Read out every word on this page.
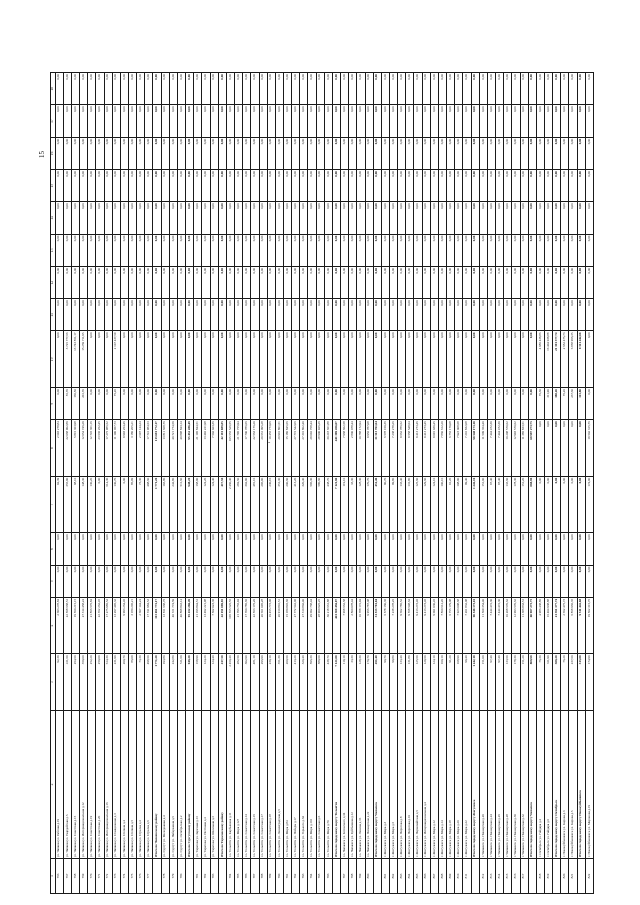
15
-
1	2	3	4	5	6	7	8	9	10	11	12	13	14	15	16	17	18
766	ул. Чапаева ул. Рабочая д.19	92,39	2 693 278,84	0,00	0,00	92,39	2 693 278,84	0,00	0,00	0,00	0,00	0,00	0,00	0,00	0,00	0,00	0,00
767	ул. Чапаева ул. Гвардейская д.5	411,60	22 568 668,51	0,00	0,00	355,90	22 068 902,89	55,70	3 725 777,66	0,00	0,00	0,00	0,00	0,00	0,00	0,00	0,00
768	ул. Чапаева ул. Советская д.15	264,60	19 560 215,15	0,00	0,00	98,10	5 816 363,98	166,50	13 743 851,17	0,00	0,00	0,00	0,00	0,00	0,00	0,00	0,00
769	ул. Чапаева ул. Интернациональная д.12	350,00	27 314 458,24	0,00	0,00	148,30	12 054 746,29	201,70	15 259 711,95	0,00	0,00	0,00	0,00	0,00	0,00	0,00	0,00
770	ул. Чапаева ул. Советская д.19	252,20	21 866 576,84	0,00	0,00	130,20	12 745 361,16	0,00	0,00	0,00	0,00	0,00	0,00	0,00	0,00	0,00	0,00
771	ул. Чапаева ул. Советская д.20	250,00	22 352 262,45	0,00	0,00	0,00	23 636 262,45	0,00	0,00	0,00	0,00	0,00	0,00	0,00	0,00	0,00	0,00
772	ул. Чапаева ул. Интернациональная д.16	614,30	17 275 986,52	0,00	0,00	614,30	17 275 986,52	0,00	0,00	0,00	0,00	0,00	0,00	0,00	0,00	0,00	0,00
773	ул. Чапаева ул. Станционная д.3	231,90	13 297 495,32	0,00	0,00	130,70	11 190 057,73	75,20	2 107 437,59	0,00	0,00	0,00	0,00	0,00	0,00	0,00	0,00
774	ул. Чапаева ул. Степная д.4	200,70	9 993 264,46	0,00	0,00	0,00	9 993 264,46	0,00	0,00	0,00	0,00	0,00	0,00	0,00	0,00	0,00	0,00
775	ул. Чапаева ул. Степная д.5	86,09	3 180 205,21	0,00	0,00	86,09	3 180 205,21	0,00	0,00	0,00	0,00	0,00	0,00	0,00	0,00	0,00	0,00
776	ул. Чапаева ул. Стрелка д.4	73,30	2 697 144,24	0,00	0,00	73,30	2 697 144,24	0,00	0,00	0,00	0,00	0,00	0,00	0,00	0,00	0,00	0,00
777	ул. Чапаева ул. Стрелка д.6	498,60	17 741 984,53	0,00	0,00	498,60	17 741 984,53	0,00	0,00	0,00	0,00	0,00	0,00	0,00	0,00	0,00	0,00
	Итого по Чапаевскому району	1 771,20	113 691 772,17	0,00	0,00	1 771,20	113 691 772,17	0,00	0,00	0,00	0,00	0,00	0,00	0,00	0,00	0,00	0,00
778	ул. Сургут ул. Молодежная д.4	193,80	13 811 668,76	0,00	0,00	193,80	13 811 668,76	0,00	0,00	0,00	0,00	0,00	0,00	0,00	0,00	0,00	0,00
779	ул. Сургут ул. Набережная д.5	242,80	40 721 774,59	0,00	0,00	242,80	40 721 774,59	0,00	0,00	0,00	0,00	0,00	0,00	0,00	0,00	0,00	0,00
780	ул. Сургут ул. Октябрьская д.2	511,60	40 898 843,14	0,00	0,00	511,60	40 898 843,14	0,00	0,00	0,00	0,00	0,00	0,00	0,00	0,00	0,00	0,00
	Итого по Сургутскому району	948,20	95 432 286,49	0,00	0,00	948,20	95 432 286,49	0,00	0,00	0,00	0,00	0,00	0,00	0,00	0,00	0,00	0,00
781	ул. Тарасова ул. Заречная д.13	168,90	21 196 844,51	0,00	0,00	168,90	21 196 844,51	0,00	0,00	0,00	0,00	0,00	0,00	0,00	0,00	0,00	0,00
782	ул. Тарасова ул. Почтовая д.4	124,20	13 492 221,98	0,00	0,00	124,20	13 492 221,98	0,00	0,00	0,00	0,00	0,00	0,00	0,00	0,00	0,00	0,00
783	ул. Тарасова ул. Школьная д.3	124,40	7 502 023,36	0,00	0,00	124,40	7 502 023,36	0,00	0,00	0,00	0,00	0,00	0,00	0,00	0,00	0,00	0,00
	Итого по Тарасовскому району	417,50	42 191 089,85	0,00	0,00	417,50	42 191 089,85	0,00	0,00	0,00	0,00	0,00	0,00	0,00	0,00	0,00	0,00
784	г.о. Тольятти ул. Карбышева д.11	2 460,40	105 555 526,55	0,00	0,00	2 460,40	105 555 526,55	0,00	0,00	0,00	0,00	0,00	0,00	0,00	0,00	0,00	0,00
785	г.о. Тольятти ул. Мира д.127	282,50	21 796 755,94	0,00	0,00	282,50	21 796 755,94	0,00	0,00	0,00	0,00	0,00	0,00	0,00	0,00	0,00	0,00
786	г.о. Тольятти ул. Советская д.14	302,90	17 700 786,66	0,00	0,00	302,90	17 700 786,66	0,00	0,00	0,00	0,00	0,00	0,00	0,00	0,00	0,00	0,00
787	г.о. Тольятти ул. Советская д.16	481,10	22 563 176,20	0,00	0,00	481,10	22 563 176,20	0,00	0,00	0,00	0,00	0,00	0,00	0,00	0,00	0,00	0,00
788	г.о. Тольятти ул. Советская д.17	296,90	20 661 095,28	0,00	0,00	296,90	20 661 095,28	0,00	0,00	0,00	0,00	0,00	0,00	0,00	0,00	0,00	0,00
789	г.о. Тольятти ул. Советская д.18	230,10	19 455 773,06	0,00	0,00	230,10	19 455 773,06	0,00	0,00	0,00	0,00	0,00	0,00	0,00	0,00	0,00	0,00
790	г.о. Тольятти ул. Ленинградская д.5	351,30	20 910 801,51	0,00	0,00	351,30	20 910 801,51	0,00	0,00	0,00	0,00	0,00	0,00	0,00	0,00	0,00	0,00
791	г.о. Тольятти ул. Мира д.84	200,60	15 180 845,66	0,00	0,00	200,60	15 180 845,66	0,00	0,00	0,00	0,00	0,00	0,00	0,00	0,00	0,00	0,00
792	г.о. Тольятти ул. Победы д.17	413,20	27 772 542,06	0,00	0,00	413,20	27 772 542,06	0,00	0,00	0,00	0,00	0,00	0,00	0,00	0,00	0,00	0,00
793	г.о. Тольятти ул. Горького д.64	320,40	27 310 802,40	0,00	0,00	320,40	27 310 802,40	0,00	0,00	0,00	0,00	0,00	0,00	0,00	0,00	0,00	0,00
794	г.о. Тольятти ул. Мира д.101	596,30	29 092 768,44	0,00	0,00	596,30	29 092 768,44	0,00	0,00	0,00	0,00	0,00	0,00	0,00	0,00	0,00	0,00
795	г.о. Тольятти ул. Советская д.6	580,60	28 900 926,26	0,00	0,00	580,60	28 900 926,26	0,00	0,00	0,00	0,00	0,00	0,00	0,00	0,00	0,00	0,00
796	г.о. Тольятти ул. Мира д.70	438,70	30 218 661,88	0,00	0,00	438,70	30 218 661,88	0,00	0,00	0,00	0,00	0,00	0,00	0,00	0,00	0,00	0,00
	Итого по городскому округу Тольятти	7 121,80	441 309 456,07	0,00	0,00	7 121,80	441 309 456,07	0,00	0,00	0,00	0,00	0,00	0,00	0,00	0,00	0,00	0,00
797	г.о. Чапаевск ул. Котовского д.34	119,10	7 968 662,58	0,00	0,00	119,10	7 968 662,58	0,00	0,00	0,00	0,00	0,00	0,00	0,00	0,00	0,00	0,00
798	г.о. Чапаевск ул. Куйбышева д.12	33,30	2 800 078,44	0,00	0,00	33,30	2 800 078,44	0,00	0,00	0,00	0,00	0,00	0,00	0,00	0,00	0,00	0,00
799	г.о. Чапаевск ул. Ленина д.16	128,30	10 788 172,94	0,00	0,00	128,30	10 788 172,94	0,00	0,00	0,00	0,00	0,00	0,00	0,00	0,00	0,00	0,00
800	г.о. Чапаевск ул. Пионерская д.22	170,70	9 956 787,08	0,00	0,00	170,70	9 956 787,08	0,00	0,00	0,00	0,00	0,00	0,00	0,00	0,00	0,00	0,00
	Итого по городскому округу Чапаевск	451,40	31 513 701,04	0,00	0,00	451,40	31 513 701,04	0,00	0,00	0,00	0,00	0,00	0,00	0,00	0,00	0,00	0,00
801	г. Жигулевск ул. Мира д.3	90,70	6 578 160,36	0,00	0,00	90,70	6 578 160,36	0,00	0,00	0,00	0,00	0,00	0,00	0,00	0,00	0,00	0,00
802	г. Жигулевск ул. Мира д.5	99,80	7 238 278,26	0,00	0,00	99,80	7 238 278,26	0,00	0,00	0,00	0,00	0,00	0,00	0,00	0,00	0,00	0,00
803	г. Жигулевск ул. Пирогова д.8	133,40	9 662 786,52	0,00	0,00	133,40	9 662 786,52	0,00	0,00	0,00	0,00	0,00	0,00	0,00	0,00	0,00	0,00
804	г. Жигулевск ул. Пирогова д.10	131,80	9 558 548,64	0,00	0,00	131,80	9 558 548,64	0,00	0,00	0,00	0,00	0,00	0,00	0,00	0,00	0,00	0,00
805	г. Жигулевск ул. Первомайская д.5	125,60	9 413 273,46	0,00	0,00	125,60	9 413 273,46	0,00	0,00	0,00	0,00	0,00	0,00	0,00	0,00	0,00	0,00
806	г. Жигулевск ул. Интернациональная д.4	129,60	9 413 273,46	0,00	0,00	129,60	9 413 273,46	0,00	0,00	0,00	0,00	0,00	0,00	0,00	0,00	0,00	0,00
807	г. Жигулевск ул. Мира д.12	124,10	9 091 030,45	0,00	0,00	124,10	9 091 030,45	0,00	0,00	0,00	0,00	0,00	0,00	0,00	0,00	0,00	0,00
808	г. Жигулевск ул. Мира д.14	100,10	7 860 612,20	0,00	0,00	100,10	7 860 612,20	0,00	0,00	0,00	0,00	0,00	0,00	0,00	0,00	0,00	0,00
809	г. Жигулевск ул. Мира д.18	91,20	6 755 179,08	0,00	0,00	91,20	6 755 179,08	0,00	0,00	0,00	0,00	0,00	0,00	0,00	0,00	0,00	0,00
810	г. Жигулевск ул. Мира д.20	108,90	7 923 008,68	0,00	0,00	108,90	7 923 008,68	0,00	0,00	0,00	0,00	0,00	0,00	0,00	0,00	0,00	0,00
811	г. Жигулевск ул. Мира д.22	99,40	7 201 832,08	0,00	0,00	99,40	7 201 832,08	0,00	0,00	0,00	0,00	0,00	0,00	0,00	0,00	0,00	0,00
	Итого по городскому округу Жигулевск	1 242,10	90 548 173,10	0,00	0,00	1 242,10	90 548 173,10	0,00	0,00	0,00	0,00	0,00	0,00	0,00	0,00	0,00	0,00
812	г. Чапаевск ул. Пионерская д.20	151,00	11 509 354,40	0,00	0,00	151,00	11 509 354,40	0,00	0,00	0,00	0,00	0,00	0,00	0,00	0,00	0,00	0,00
813	г. Чапаевск ул. Пионерская д.24	97,40	7 444 472,30	0,00	0,00	97,40	7 444 472,30	0,00	0,00	0,00	0,00	0,00	0,00	0,00	0,00	0,00	0,00
814	г. Чапаевск ул. Пионерская д.26	97,40	7 444 472,30	0,00	0,00	97,40	7 444 472,30	0,00	0,00	0,00	0,00	0,00	0,00	0,00	0,00	0,00	0,00
815	г. Чапаевск ул. Пионерская д.28	133,60	10 208 570,62	0,00	0,00	133,60	10 208 570,62	0,00	0,00	0,00	0,00	0,00	0,00	0,00	0,00	0,00	0,00
816	г. Чапаевск ул. Пионерская д.30	178,30	12 993 570,62	0,00	0,00	178,30	12 993 570,62	0,00	0,00	0,00	0,00	0,00	0,00	0,00	0,00	0,00	0,00
817	г. Чапаевск ул. Пионерская д.32	151,20	11 386 833,51	0,00	0,00	151,20	11 386 833,51	0,00	0,00	0,00	0,00	0,00	0,00	0,00	0,00	0,00	0,00
	Итого по городскому округу Чапаевск	808,90	60 987 273,75	0,00	0,00	808,90	60 987 273,75	0,00	0,00	0,00	0,00	0,00	0,00	0,00	0,00	0,00	0,00
818	г. Октябрьск ул. Гайдара д.4	76,30	4 986 438,86	0,00	0,00	0,00	0,00	76,30	4 986 438,86	0,00	0,00	0,00	0,00	0,00	0,00	0,00	0,00
819	г. Октябрьск ул. Гайдара д.6	311,90	16 404 938,88	0,00	0,00	0,00	0,00	311,90	16 404 938,88	0,00	0,00	0,00	0,00	0,00	0,00	0,00	0,00
	Итого по городскому округу Октябрьск	388,20	21 391 377,74	0,00	0,00	0,00	0,00	388,20	21 391 377,74	0,00	0,00	0,00	0,00	0,00	0,00	0,00	0,00
820	г. Новокуйбышевск ул. Кирова д.3	76,20	2 652 475,73	0,00	0,00	0,00	0,00	76,20	2 652 475,73	0,00	0,00	0,00	0,00	0,00	0,00	0,00	0,00
821	г. Новокуйбышевск ул. Кирова д.5	237,60	6 858 966,35	0,00	0,00	0,00	0,00	237,60	6 858 966,35	0,00	0,00	0,00	0,00	0,00	0,00	0,00	0,00
	Итого по городскому округу Новокуйбышевск	313,80	9 511 442,08	0,00	0,00	0,00	0,00	313,80	9 511 442,08	0,00	0,00	0,00	0,00	0,00	0,00	0,00	0,00
822	г. Новокуйбышевск ул. Миронова д.19	174,90	19 502 315,76	0,00	0,00	174,90	19 502 315,76	0,00	0,00	0,00	0,00	0,00	0,00	0,00	0,00	0,00	0,00
